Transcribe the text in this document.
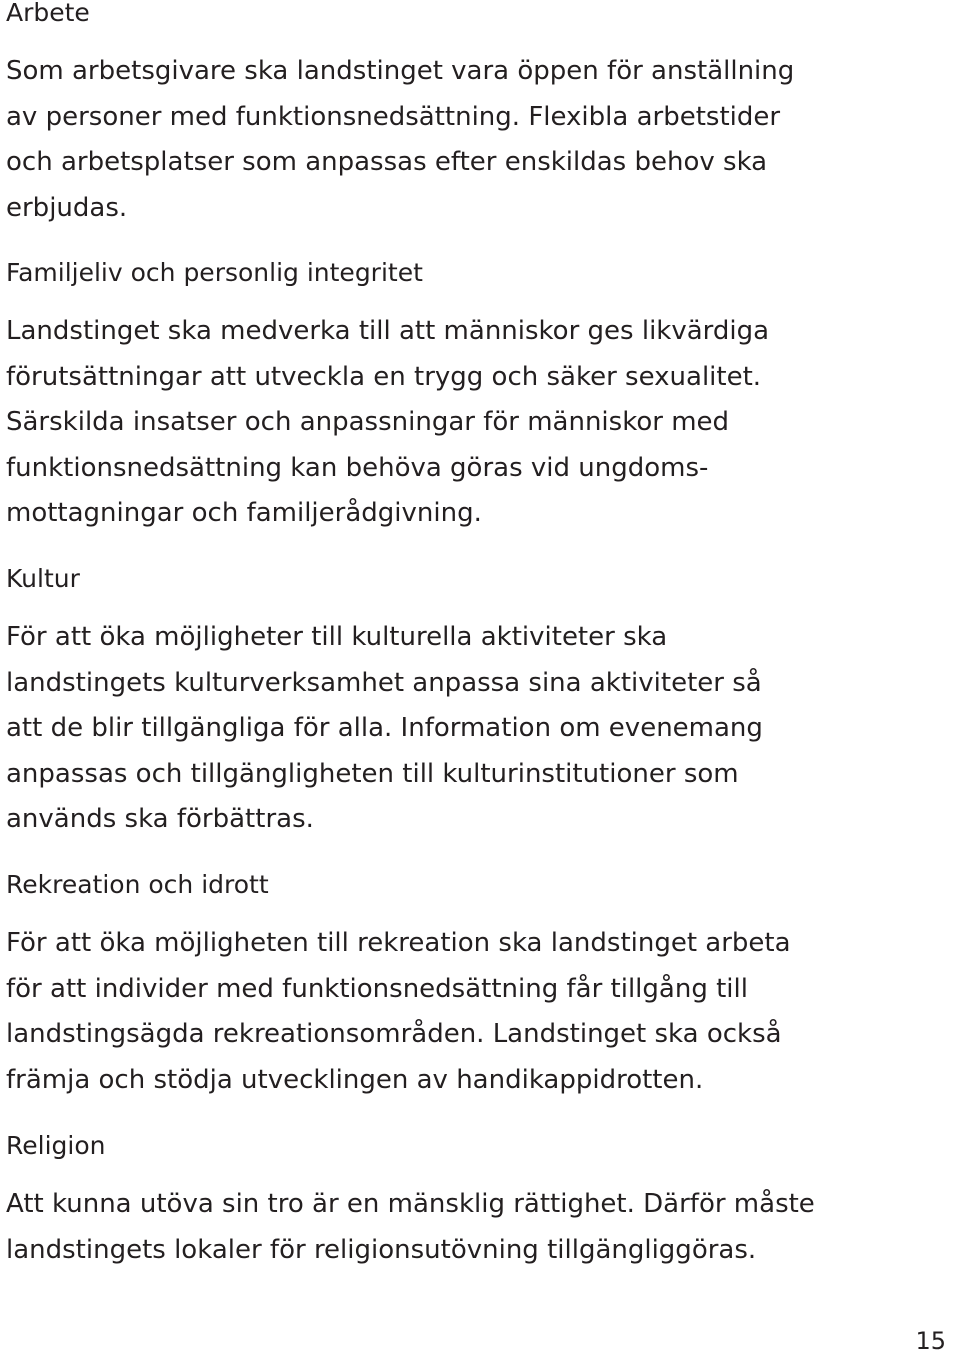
Arbete

Som arbetsgivare ska landstinget vara öppen för anställning
av personer med funktionsnedsättning. Flexibla arbetstider
och arbetsplatser som anpassas efter enskildas behov ska
erbjudas.

Familjeliv och personlig integritet

Landstinget ska medverka till att människor ges likvärdiga
förutsättningar att utveckla en trygg och säker sexualitet.
Särskilda insatser och anpassningar för människor med
funktionsnedsättning kan behöva göras vid ungdoms-
mottagningar och familjerådgivning.

Kultur

För att öka möjligheter till kulturella aktiviteter ska
landstingets kulturverksamhet anpassa sina aktiviteter så
att de blir tillgängliga för alla. Information om evenemang
anpassas och tillgängligheten till kulturinstitutioner som
används ska förbättras.

Rekreation och idrott

För att öka möjligheten till rekreation ska landstinget arbeta
för att individer med funktionsnedsättning får tillgång till
landstingsägda rekreationsområden. Landstinget ska också
främja och stödja utvecklingen av handikappidrotten.

Religion

Att kunna utöva sin tro är en mänsklig rättighet. Därför måste
landstingets lokaler för religionsutövning tillgängliggöras.

15
